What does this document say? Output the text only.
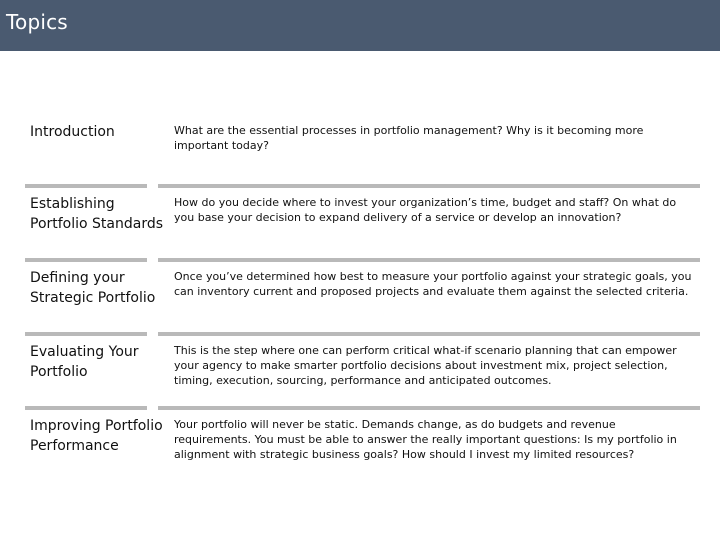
Topics
Introduction	What are the essential processes in portfolio management? Why is it becoming more important today?
Establishing Portfolio Standards
How do you decide where to invest your organization’s time, budget and staff? On what do you base your decision to expand delivery of a service or develop an innovation?
Defining your Strategic Portfolio
Once you’ve determined how best to measure your portfolio against your strategic goals, you can inventory current and proposed projects and evaluate them against the selected criteria.
Evaluating Your Portfolio
This is the step where one can perform critical what-if scenario planning that can empower your agency to make smarter portfolio decisions about investment mix, project selection, timing, execution, sourcing, performance and anticipated outcomes.
Improving Portfolio Performance
Your portfolio will never be static. Demands change, as do budgets and revenue requirements. You must be able to answer the really important questions: Is my portfolio in alignment with strategic business goals? How should I invest my limited resources?
